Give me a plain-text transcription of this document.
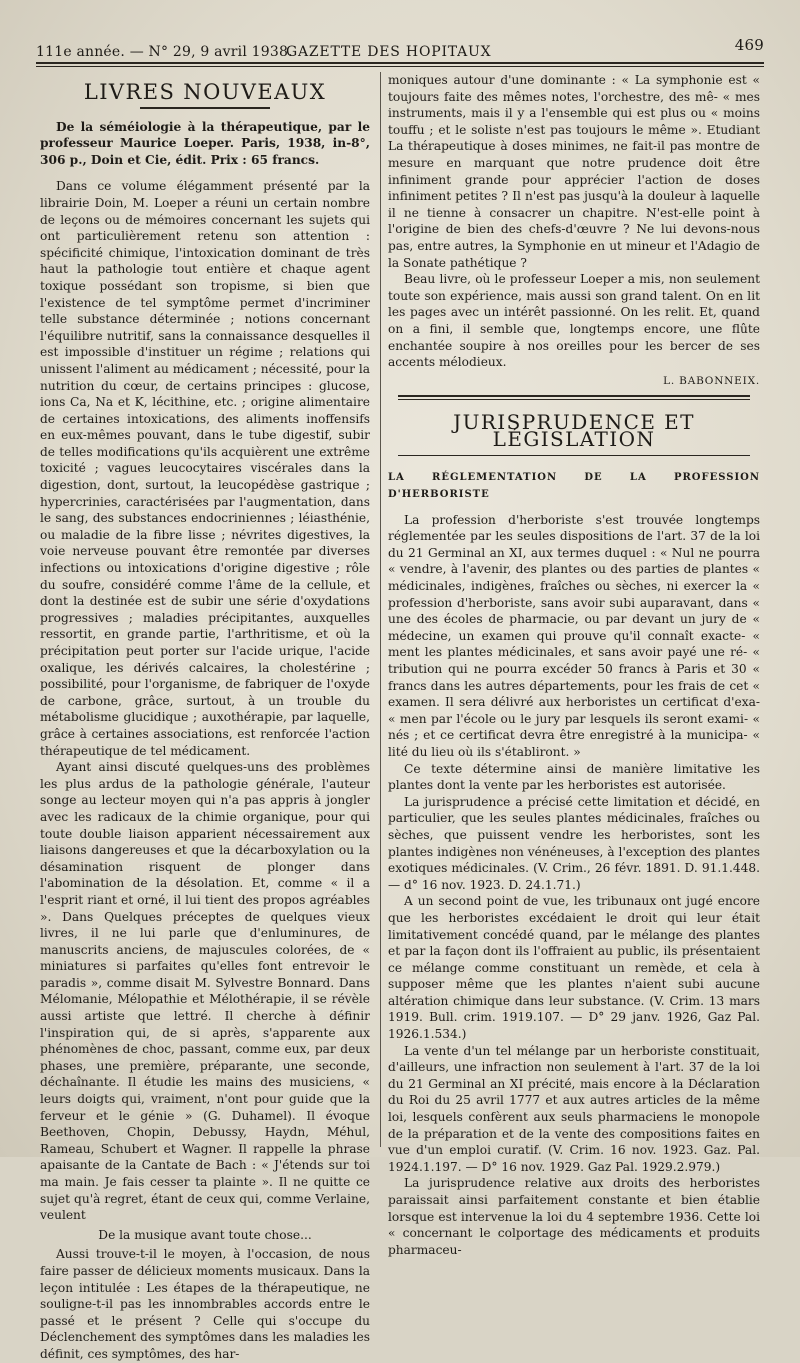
111e année. — N° 29, 9 avril 1938.
GAZETTE DES HOPITAUX	469
LIVRES NOUVEAUX

De la séméiologie à la thérapeutique, par le professeur Maurice Loeper. Paris, 1938, in-8°, 306 p., Doin et Cie, édit. Prix : 65 francs.

Dans ce volume élégamment présenté par la librairie Doin, M. Loeper a réuni un certain nombre de leçons ou de mémoires concernant les sujets qui ont particulièrement retenu son attention : spécificité chimique, l'intoxication dominant de très haut la pathologie tout entière et chaque agent toxique possédant son tropisme, si bien que l'existence de tel symptôme permet d'incriminer telle substance déterminée ; notions concernant l'équilibre nutritif, sans la connaissance desquelles il est impossible d'instituer un régime ; relations qui unissent l'aliment au médicament ; nécessité, pour la nutrition du cœur, de certains principes : glucose, ions Ca, Na et K, lécithine, etc. ; origine alimentaire de certaines intoxications, des aliments inoffensifs en eux-mêmes pouvant, dans le tube digestif, subir de telles modifications qu'ils acquièrent une extrême toxicité ; vagues leucocytaires viscérales dans la digestion, dont, surtout, la leucopédèse gastrique ; hypercrinies, caractérisées par l'augmentation, dans le sang, des substances endocriniennes ; léiasthénie, ou maladie de la fibre lisse ; névrites digestives, la voie nerveuse pouvant être remontée par diverses infections ou intoxications d'origine digestive ; rôle du soufre, considéré comme l'âme de la cellule, et dont la destinée est de subir une série d'oxydations progressives ; maladies précipitantes, auxquelles ressortit, en grande partie, l'arthritisme, et où la précipitation peut porter sur l'acide urique, l'acide oxalique, les dérivés calcaires, la cholestérine ; possibilité, pour l'organisme, de fabriquer de l'oxyde de carbone, grâce, surtout, à un trouble du métabolisme glucidique ; auxothérapie, par laquelle, grâce à certaines associations, est renforcée l'action thérapeutique de tel médicament.

Ayant ainsi discuté quelques-uns des problèmes les plus ardus de la pathologie générale, l'auteur songe au lecteur moyen qui n'a pas appris à jongler avec les radicaux de la chimie organique, pour qui toute double liaison apparient nécessairement aux liaisons dangereuses et que la décarboxylation ou la désamination risquent de plonger dans l'abomination de la désolation. Et, comme « il a l'esprit riant et orné, il lui tient des propos agréables ». Dans Quelques préceptes de quelques vieux livres, il ne lui parle que d'enluminures, de manuscrits anciens, de majuscules colorées, de « miniatures si parfaites qu'elles font entrevoir le paradis », comme disait M. Sylvestre Bonnard. Dans Mélomanie, Mélopathie et Mélothérapie, il se révèle aussi artiste que lettré. Il cherche à définir l'inspiration qui, de si après, s'apparente aux phénomènes de choc, passant, comme eux, par deux phases, une première, préparante, une seconde, déchaînante. Il étudie les mains des musiciens, « leurs doigts qui, vraiment, n'ont pour guide que la ferveur et le génie » (G. Duhamel). Il évoque Beethoven, Chopin, Debussy, Haydn, Méhul, Rameau, Schubert et Wagner. Il rappelle la phrase apaisante de la Cantate de Bach : « J'étends sur toi ma main. Je fais cesser ta plainte ». Il ne quitte ce sujet qu'à regret, étant de ceux qui, comme Verlaine, veulent

De la musique avant toute chose...

Aussi trouve-t-il le moyen, à l'occasion, de nous faire passer de délicieux moments musicaux. Dans la leçon intitulée : Les étapes de la thérapeutique, ne souligne-t-il pas les innombrables accords entre le passé et le présent ? Celle qui s'occupe du Déclenchement des symptômes dans les maladies les définit, ces symptômes, des har-

moniques autour d'une dominante : « La symphonie est « toujours faite des mêmes notes, l'orchestre, des mê- « mes instruments, mais il y a l'ensemble qui est plus ou « moins touffu ; et le soliste n'est pas toujours le même ». Etudiant La thérapeutique à doses minimes, ne fait-il pas montre de mesure en marquant que notre prudence doit être infiniment grande pour apprécier l'action de doses infiniment petites ? Il n'est pas jusqu'à la douleur à laquelle il ne tienne à consacrer un chapitre. N'est-elle point à l'origine de bien des chefs-d'œuvre ? Ne lui devons-nous pas, entre autres, la Symphonie en ut mineur et l'Adagio de la Sonate pathétique ?

Beau livre, où le professeur Loeper a mis, non seulement toute son expérience, mais aussi son grand talent. On en lit les pages avec un intérêt passionné. On les relit. Et, quand on a fini, il semble que, longtemps encore, une flûte enchantée soupire à nos oreilles pour les bercer de ses accents mélodieux.

L. BABONNEIX.

JURISPRUDENCE ET LÉGISLATION
LA RÉGLEMENTATION DE LA PROFESSION D'HERBORISTE

La profession d'herboriste s'est trouvée longtemps réglementée par les seules dispositions de l'art. 37 de la loi du 21 Germinal an XI, aux termes duquel : « Nul ne pourra « vendre, à l'avenir, des plantes ou des parties de plantes « médicinales, indigènes, fraîches ou sèches, ni exercer la « profession d'herboriste, sans avoir subi auparavant, dans « une des écoles de pharmacie, ou par devant un jury de « médecine, un examen qui prouve qu'il connaît exacte- « ment les plantes médicinales, et sans avoir payé une ré- « tribution qui ne pourra excéder 50 francs à Paris et 30 « francs dans les autres départements, pour les frais de cet « examen. Il sera délivré aux herboristes un certificat d'exa- « men par l'école ou le jury par lesquels ils seront exami- « nés ; et ce certificat devra être enregistré à la municipa- « lité du lieu où ils s'établiront. »

Ce texte détermine ainsi de manière limitative les plantes dont la vente par les herboristes est autorisée.

La jurisprudence a précisé cette limitation et décidé, en particulier, que les seules plantes médicinales, fraîches ou sèches, que puissent vendre les herboristes, sont les plantes indigènes non vénéneuses, à l'exception des plantes exotiques médicinales. (V. Crim., 26 févr. 1891. D. 91.1.448. — d° 16 nov. 1923. D. 24.1.71.)

A un second point de vue, les tribunaux ont jugé encore que les herboristes excédaient le droit qui leur était limitativement concédé quand, par le mélange des plantes et par la façon dont ils l'offraient au public, ils présentaient ce mélange comme constituant un remède, et cela à supposer même que les plantes n'aient subi aucune altération chimique dans leur substance. (V. Crim. 13 mars 1919. Bull. crim. 1919.107. — D° 29 janv. 1926, Gaz Pal. 1926.1.534.)

La vente d'un tel mélange par un herboriste constituait, d'ailleurs, une infraction non seulement à l'art. 37 de la loi du 21 Germinal an XI précité, mais encore à la Déclaration du Roi du 25 avril 1777 et aux autres articles de la même loi, lesquels confèrent aux seuls pharmaciens le monopole de la préparation et de la vente des compositions faites en vue d'un emploi curatif. (V. Crim. 16 nov. 1923. Gaz. Pal. 1924.1.197. — D° 16 nov. 1929. Gaz Pal. 1929.2.979.)

La jurisprudence relative aux droits des herboristes paraissait ainsi parfaitement constante et bien établie lorsque est intervenue la loi du 4 septembre 1936. Cette loi « concernant le colportage des médicaments et produits pharmaceu-
